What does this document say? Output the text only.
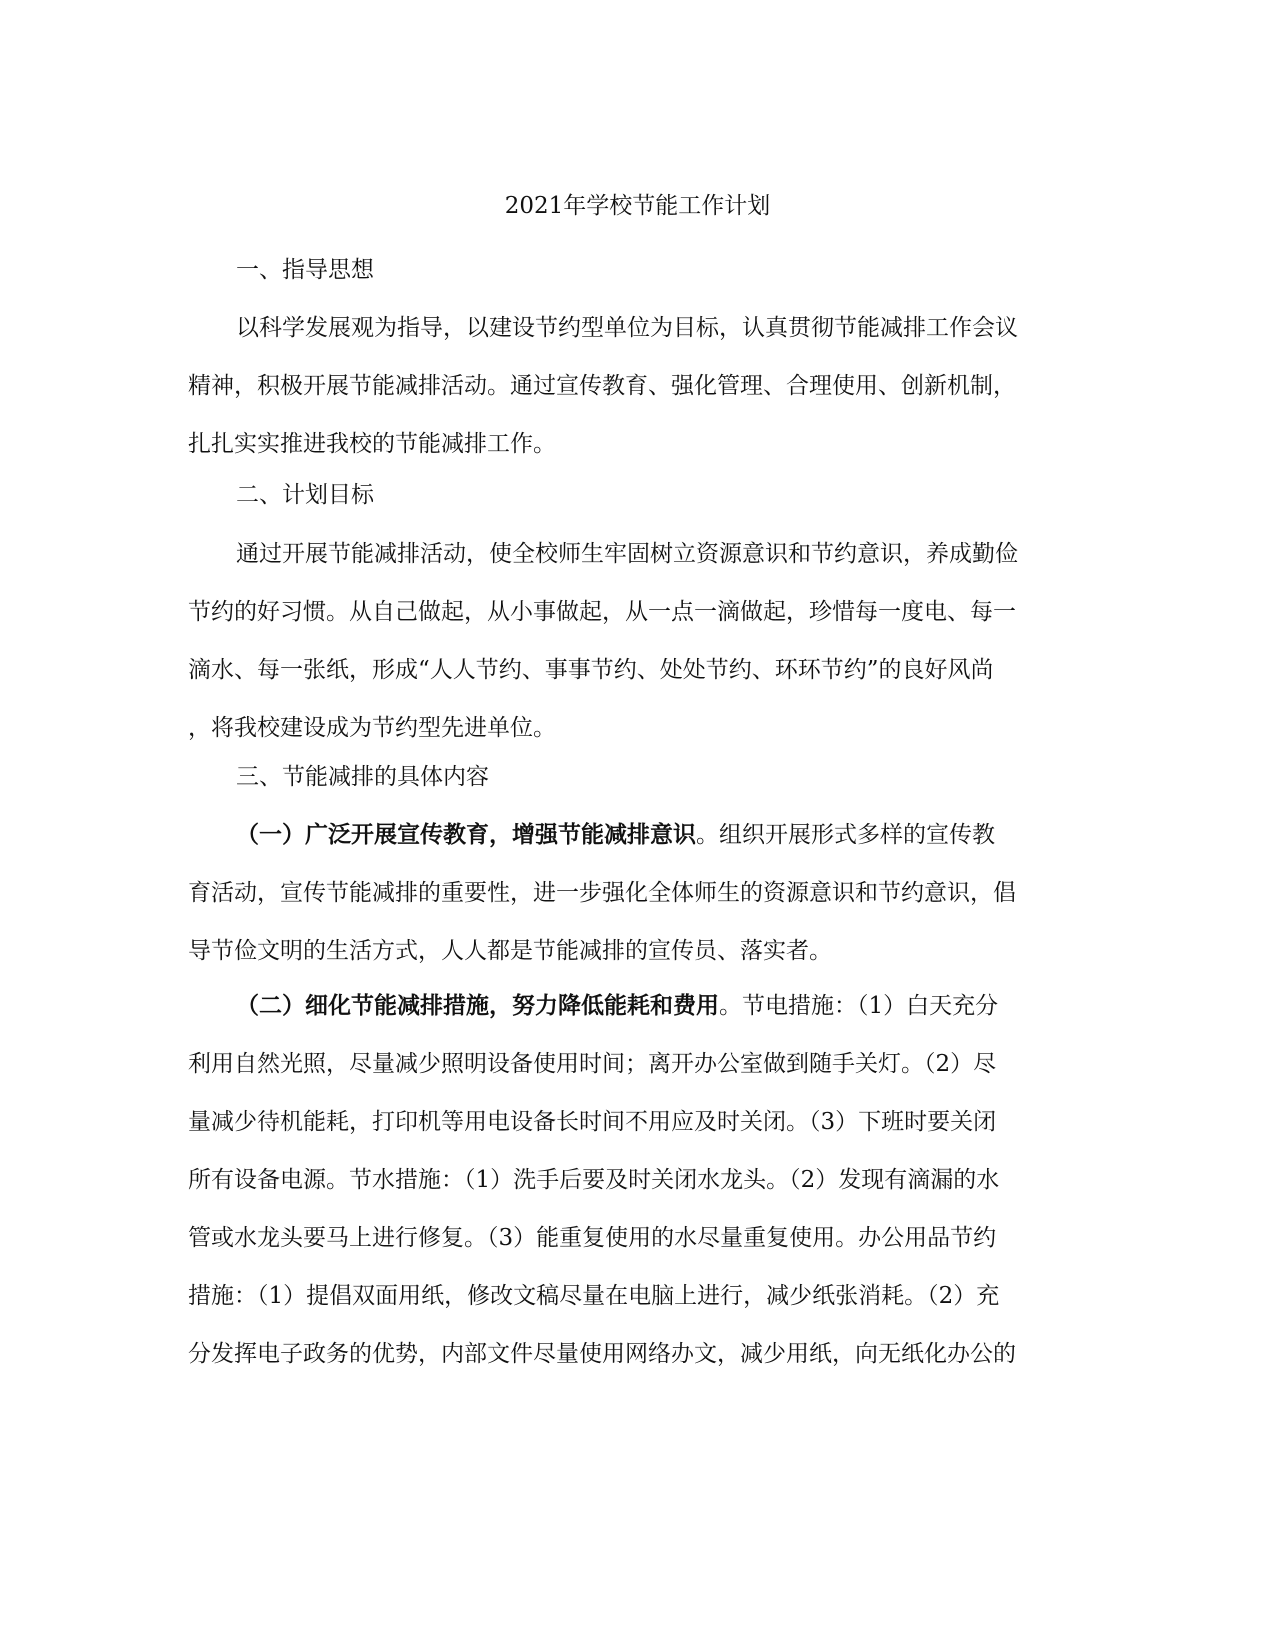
2021年学校节能工作计划
一、指导思想
以科学发展观为指导，以建设节约型单位为目标，认真贯彻节能减排工作会议
精神，积极开展节能减排活动。通过宣传教育、强化管理、合理使用、创新机制，
扎扎实实推进我校的节能减排工作。
二、计划目标
通过开展节能减排活动，使全校师生牢固树立资源意识和节约意识，养成勤俭
节约的好习惯。从自己做起，从小事做起，从一点一滴做起，珍惜每一度电、每一
滴水、每一张纸，形成“人人节约、事事节约、处处节约、环环节约”的良好风尚
，将我校建设成为节约型先进单位。
三、节能减排的具体内容
（一）广泛开展宣传教育，增强节能减排意识。组织开展形式多样的宣传教
育活动，宣传节能减排的重要性，进一步强化全体师生的资源意识和节约意识，倡
导节俭文明的生活方式，人人都是节能减排的宣传员、落实者。
（二）细化节能减排措施，努力降低能耗和费用。节电措施：（1）白天充分
利用自然光照，尽量减少照明设备使用时间；离开办公室做到随手关灯。（2）尽
量减少待机能耗，打印机等用电设备长时间不用应及时关闭。（3）下班时要关闭
所有设备电源。节水措施：（1）洗手后要及时关闭水龙头。（2）发现有滴漏的水
管或水龙头要马上进行修复。（3）能重复使用的水尽量重复使用。办公用品节约
措施：（1）提倡双面用纸，修改文稿尽量在电脑上进行，减少纸张消耗。（2）充
分发挥电子政务的优势，内部文件尽量使用网络办文，减少用纸，向无纸化办公的
